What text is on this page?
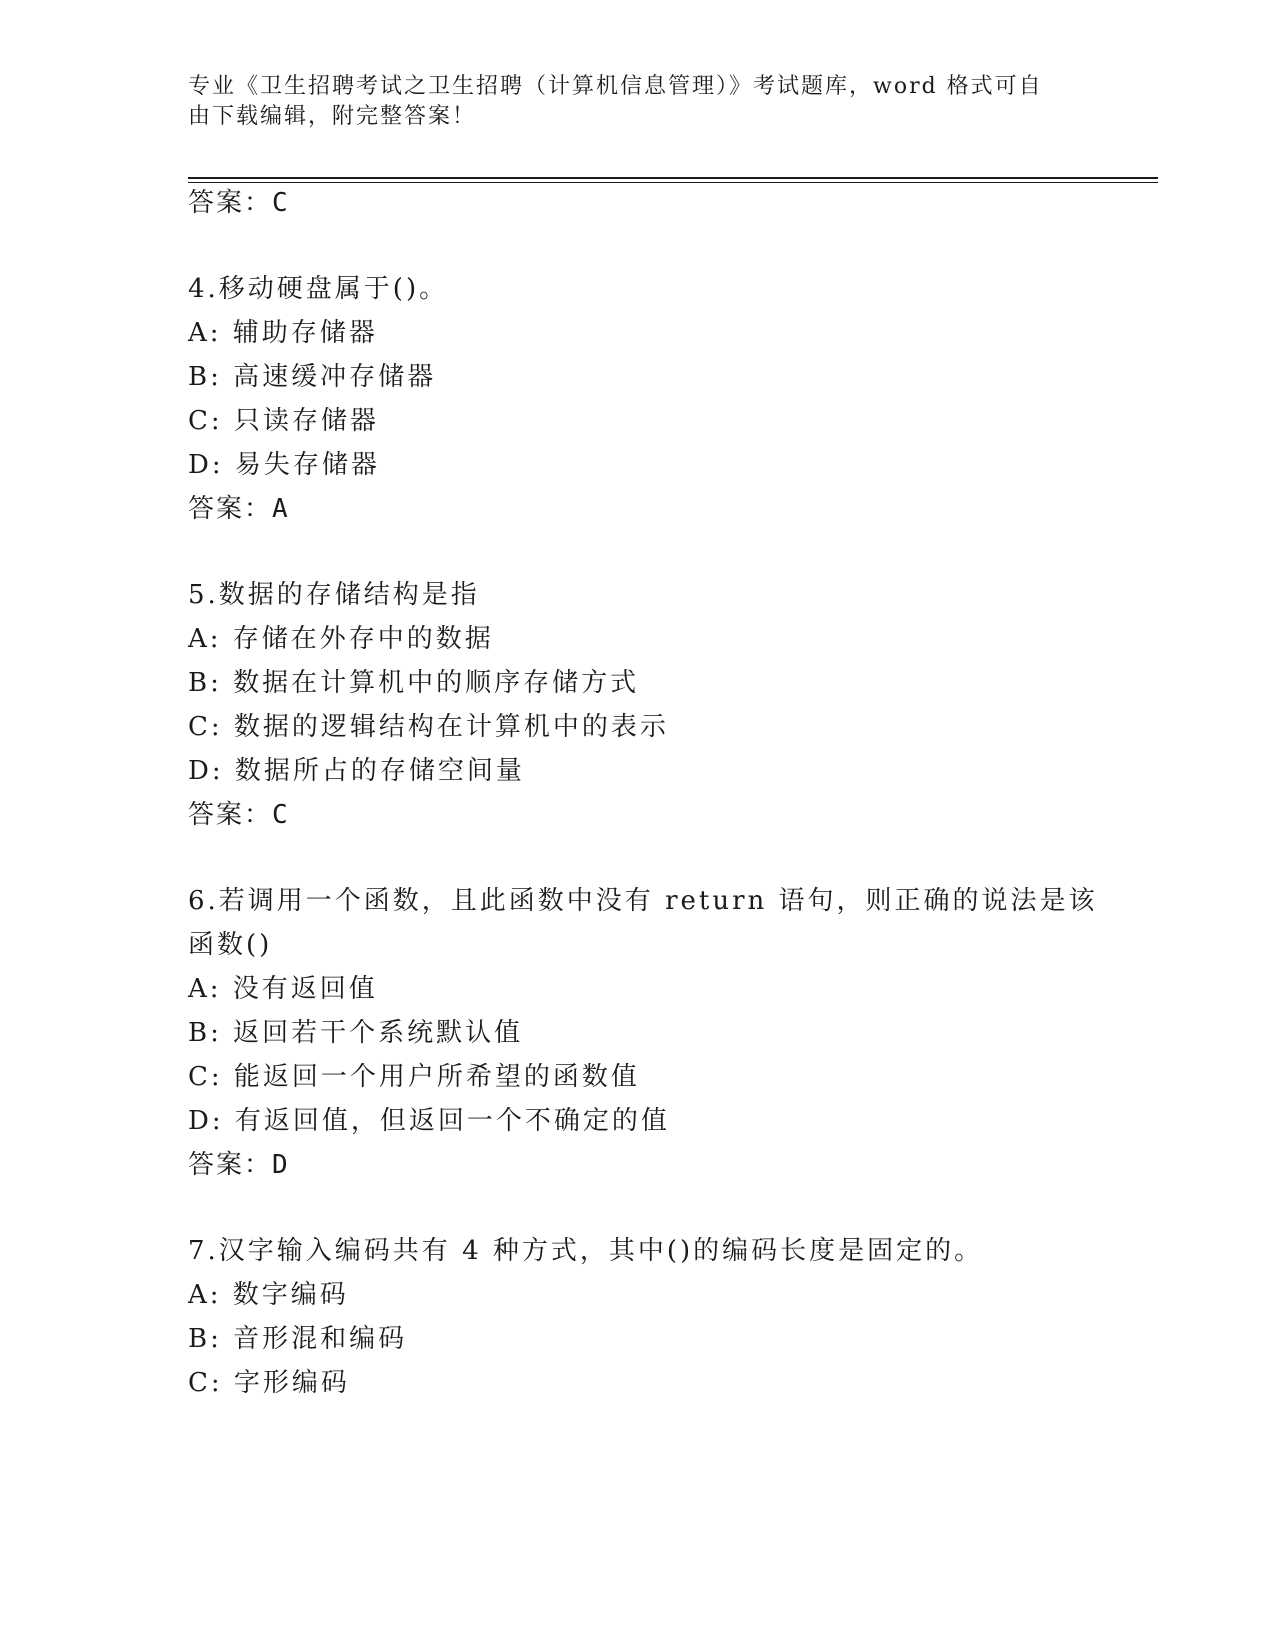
专业《卫生招聘考试之卫生招聘（计算机信息管理）》考试题库，word 格式可自
由下载编辑，附完整答案！
答案：C
4.移动硬盘属于()。
A: 辅助存储器
B: 高速缓冲存储器
C: 只读存储器
D: 易失存储器
答案：A
5.数据的存储结构是指
A: 存储在外存中的数据
B: 数据在计算机中的顺序存储方式
C: 数据的逻辑结构在计算机中的表示
D: 数据所占的存储空间量
答案：C
6.若调用一个函数，且此函数中没有 return 语句，则正确的说法是该
函数()
A: 没有返回值
B: 返回若干个系统默认值
C: 能返回一个用户所希望的函数值
D: 有返回值，但返回一个不确定的值
答案：D
7.汉字输入编码共有 4 种方式，其中()的编码长度是固定的。
A: 数字编码
B: 音形混和编码
C: 字形编码
